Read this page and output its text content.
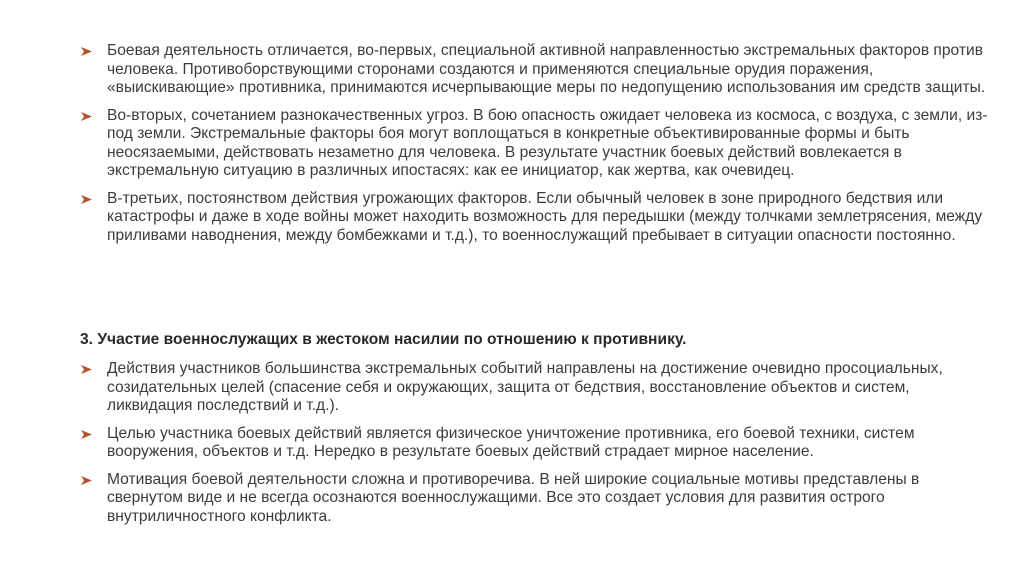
Боевая деятельность отличается, во-первых, специальной активной направленностью экстремальных факторов против человека. Противоборствующими сторонами создаются и применяются специальные орудия поражения, «выискивающие» противника, принимаются исчерпывающие меры по недопущению использования им средств защиты.
Во-вторых, сочетанием разнокачественных угроз. В бою опасность ожидает человека из космоса, с воздуха, с земли, из-под земли. Экстремальные факторы боя могут воплощаться в конкретные объективированные формы и быть неосязаемыми, действовать незаметно для человека. В результате участник боевых действий вовлекается в экстремальную ситуацию в различных ипостасях: как ее инициатор, как жертва, как очевидец.
В-третьих, постоянством действия угрожающих факторов. Если обычный человек в зоне природного бедствия или катастрофы и даже в ходе войны может находить возможность для передышки (между толчками землетрясения, между приливами наводнения, между бомбежками и т.д.), то военнослужащий пребывает в ситуации опасности постоянно.
3. Участие военнослужащих в жестоком насилии по отношению к противнику.
Действия участников большинства экстремальных событий направлены на достижение очевидно просоциальных, созидательных целей (спасение себя и окружающих, защита от бедствия, восстановление объектов и систем, ликвидация последствий и т.д.).
Целью участника боевых действий является физическое уничтожение противника, его боевой техники, систем вооружения, объектов и т.д. Нередко в результате боевых действий страдает мирное население.
Мотивация боевой деятельности сложна и противоречива. В ней широкие социальные мотивы представлены в свернутом виде и не всегда осознаются военнослужащими. Все это создает условия для развития острого внутриличностного конфликта.
